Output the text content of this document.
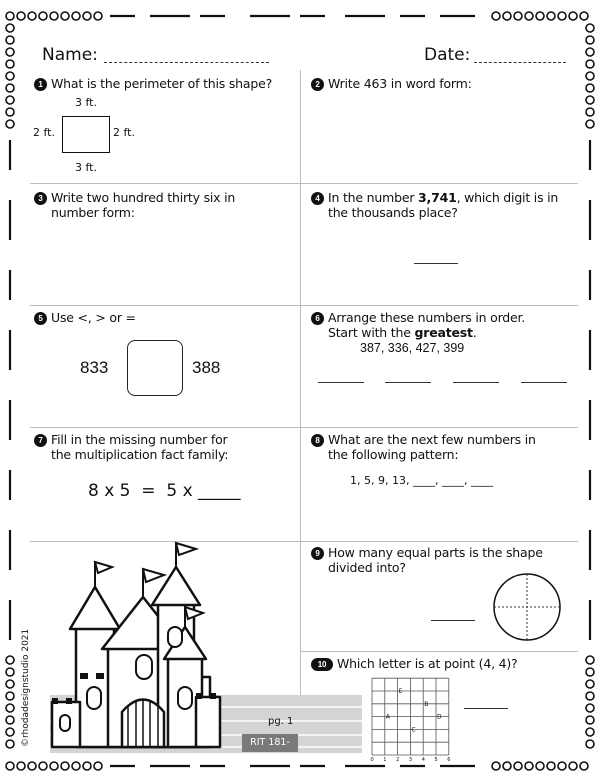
Name:	Date:
1 What is the perimeter of this shape?
3 ft.
2 ft.	2 ft.
3 ft.
2 Write 463 in word form:
3 Write two hundred thirty six in
number form:
4 In the number 3,741, which digit is in
the thousands place?
5 Use <, > or =
833	388
6 Arrange these numbers in order.
Start with the greatest.
387, 336, 427, 399
7 Fill in the missing number for
the multiplication fact family:
8 x 5  =  5 x _____
8 What are the next few numbers in
the following pattern:
1, 5, 9, 13, ____, ____, ____
9 How many equal parts is the shape
divided into?
10 Which letter is at point (4, 4)?
E
B
A	D
C
0 1 2 3 4 5 6
pg. 1
RIT 181-190
©rhodadesignstudio 2021
